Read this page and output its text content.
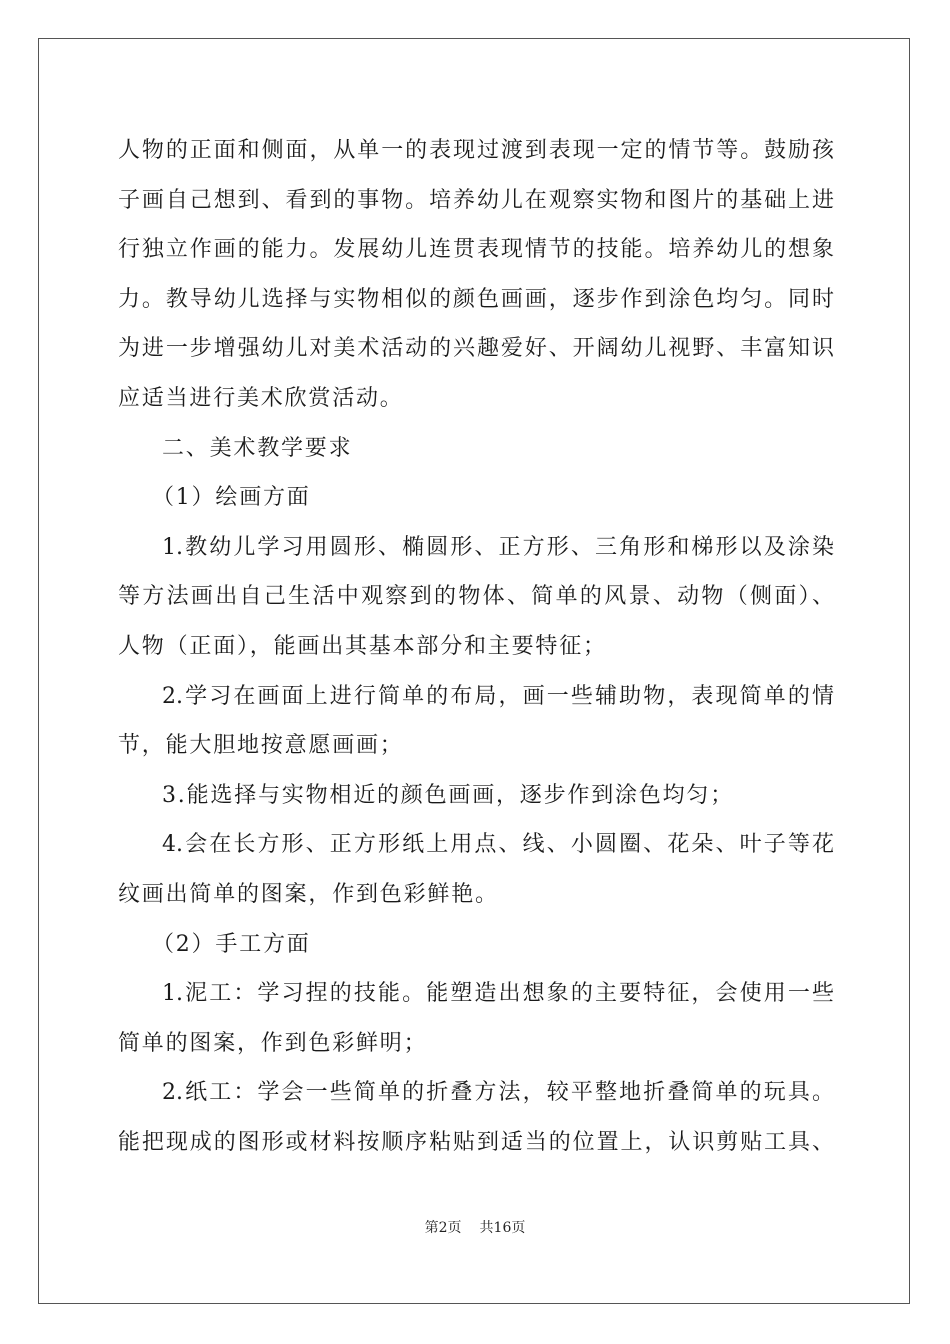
人物的正面和侧面，从单一的表现过渡到表现一定的情节等。鼓励孩
子画自己想到、看到的事物。培养幼儿在观察实物和图片的基础上进
行独立作画的能力。发展幼儿连贯表现情节的技能。培养幼儿的想象
力。教导幼儿选择与实物相似的颜色画画，逐步作到涂色均匀。同时
为进一步增强幼儿对美术活动的兴趣爱好、开阔幼儿视野、丰富知识
应适当进行美术欣赏活动。
二、美术教学要求
（1）绘画方面
1.教幼儿学习用圆形、椭圆形、正方形、三角形和梯形以及涂染
等方法画出自己生活中观察到的物体、简单的风景、动物（侧面）、
人物（正面），能画出其基本部分和主要特征；
2.学习在画面上进行简单的布局，画一些辅助物，表现简单的情
节，能大胆地按意愿画画；
3.能选择与实物相近的颜色画画，逐步作到涂色均匀；
4.会在长方形、正方形纸上用点、线、小圆圈、花朵、叶子等花
纹画出简单的图案，作到色彩鲜艳。
（2）手工方面
1.泥工：学习捏的技能。能塑造出想象的主要特征，会使用一些
简单的图案，作到色彩鲜明；
2.纸工：学会一些简单的折叠方法，较平整地折叠简单的玩具。
能把现成的图形或材料按顺序粘贴到适当的位置上，认识剪贴工具、
第2页 共16页
